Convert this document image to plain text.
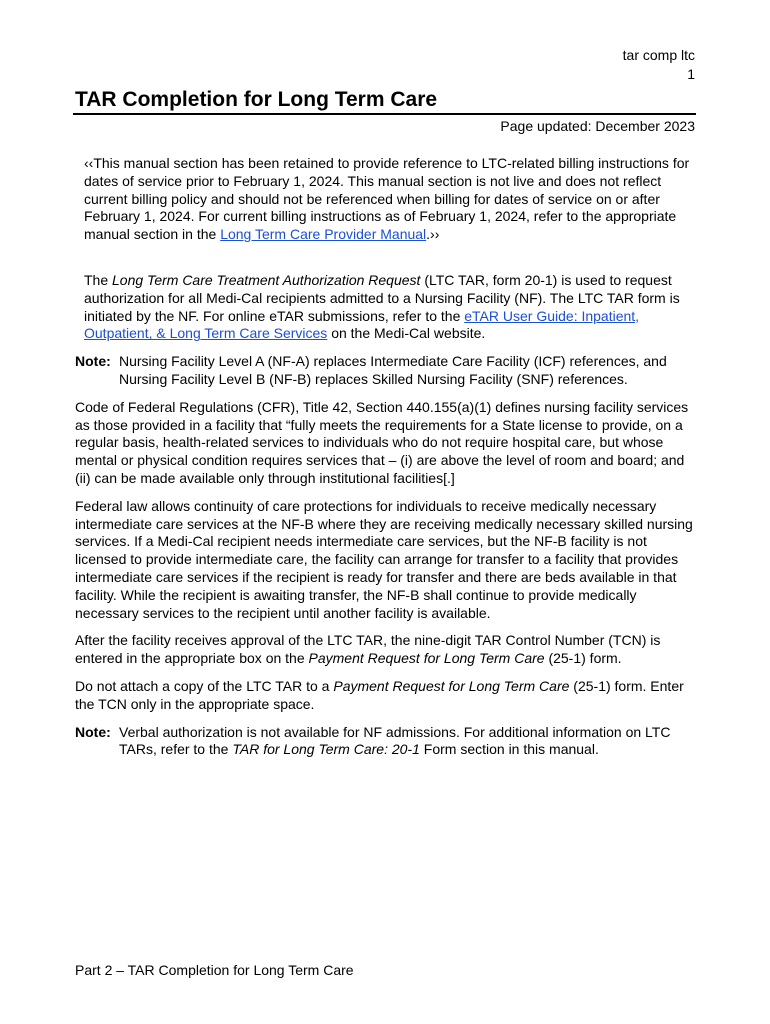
tar comp ltc
1
TAR Completion for Long Term Care
Page updated: December 2023
‹‹This manual section has been retained to provide reference to LTC-related billing instructions for dates of service prior to February 1, 2024. This manual section is not live and does not reflect current billing policy and should not be referenced when billing for dates of service on or after February 1, 2024. For current billing instructions as of February 1, 2024, refer to the appropriate manual section in the Long Term Care Provider Manual.››
The Long Term Care Treatment Authorization Request (LTC TAR, form 20-1) is used to request authorization for all Medi-Cal recipients admitted to a Nursing Facility (NF). The LTC TAR form is initiated by the NF. For online eTAR submissions, refer to the eTAR User Guide: Inpatient, Outpatient, & Long Term Care Services on the Medi-Cal website.
Note: Nursing Facility Level A (NF-A) replaces Intermediate Care Facility (ICF) references, and Nursing Facility Level B (NF-B) replaces Skilled Nursing Facility (SNF) references.
Code of Federal Regulations (CFR), Title 42, Section 440.155(a)(1) defines nursing facility services as those provided in a facility that “fully meets the requirements for a State license to provide, on a regular basis, health-related services to individuals who do not require hospital care, but whose mental or physical condition requires services that – (i) are above the level of room and board; and (ii) can be made available only through institutional facilities[.]
Federal law allows continuity of care protections for individuals to receive medically necessary intermediate care services at the NF-B where they are receiving medically necessary skilled nursing services. If a Medi-Cal recipient needs intermediate care services, but the NF-B facility is not licensed to provide intermediate care, the facility can arrange for transfer to a facility that provides intermediate care services if the recipient is ready for transfer and there are beds available in that facility. While the recipient is awaiting transfer, the NF-B shall continue to provide medically necessary services to the recipient until another facility is available.
After the facility receives approval of the LTC TAR, the nine-digit TAR Control Number (TCN) is entered in the appropriate box on the Payment Request for Long Term Care (25-1) form.
Do not attach a copy of the LTC TAR to a Payment Request for Long Term Care (25-1) form. Enter the TCN only in the appropriate space.
Note: Verbal authorization is not available for NF admissions. For additional information on LTC TARs, refer to the TAR for Long Term Care: 20-1 Form section in this manual.
Part 2 – TAR Completion for Long Term Care
